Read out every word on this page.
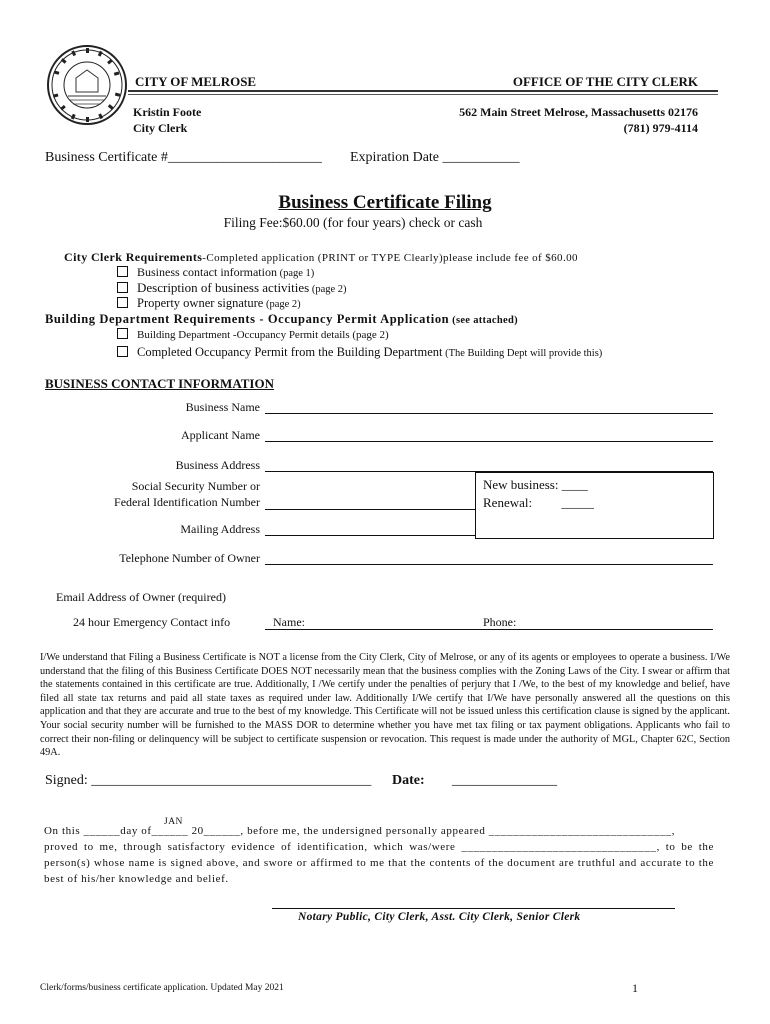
CITY OF MELROSE	OFFICE OF THE CITY CLERK
Kristin Foote
City Clerk
562 Main Street Melrose, Massachusetts 02176
(781) 979-4114
Business Certificate #______________________ Expiration Date ___________
Business Certificate Filing
Filing Fee:$60.00 (for four years) check or cash
City Clerk Requirements-Completed application (PRINT or TYPE Clearly)please include fee of $60.00
Business contact information (page 1)
Description of business activities (page 2)
Property owner signature (page 2)
Building Department Requirements - Occupancy Permit Application (see attached)
Building Department -Occupancy Permit details (page 2)
Completed Occupancy Permit from the Building Department (The Building Dept will provide this)
BUSINESS CONTACT INFORMATION
Business Name
Applicant Name
Business Address
Social Security Number or
Federal Identification Number
New business: ____
Renewal:         _____
Mailing Address
Telephone Number of Owner
Email Address of Owner (required)
24 hour Emergency Contact info	Name:	Phone:
I/We understand that Filing a Business Certificate is NOT a license from the City Clerk, City of Melrose, or any of its agents or employees to operate a business. I/We understand that the filing of this Business Certificate DOES NOT necessarily mean that the business complies with the Zoning Laws of the City. I swear or affirm that the statements contained in this certificate are true. Additionally, I /We certify under the penalties of perjury that I /We, to the best of my knowledge and belief, have filed all state tax returns and paid all state taxes as required under law. Additionally I/We certify that I/We have personally answered all the questions on this application and that they are accurate and true to the best of my knowledge. This Certificate will not be issued unless this certification clause is signed by the applicant. Your social security number will be furnished to the MASS DOR to determine whether you have met tax filing or tax payment obligations. Applicants who fail to correct their non-filing or delinquency will be subject to certificate suspension or revocation. This request is made under the authority of MGL, Chapter 62C, Section 49A.
Signed: ________________________________________ Date: _______________
JAN
On this ______day of______ 20______, before me, the undersigned personally appeared ______________________________,
proved to me, through satisfactory evidence of identification, which was/were ________________________________, to be the person(s) whose name is signed above, and swore or affirmed to me that the contents of the document are truthful and accurate to the best of his/her knowledge and belief.
Notary Public, City Clerk, Asst. City Clerk, Senior Clerk
Clerk/forms/business certificate application. Updated May 2021	1
